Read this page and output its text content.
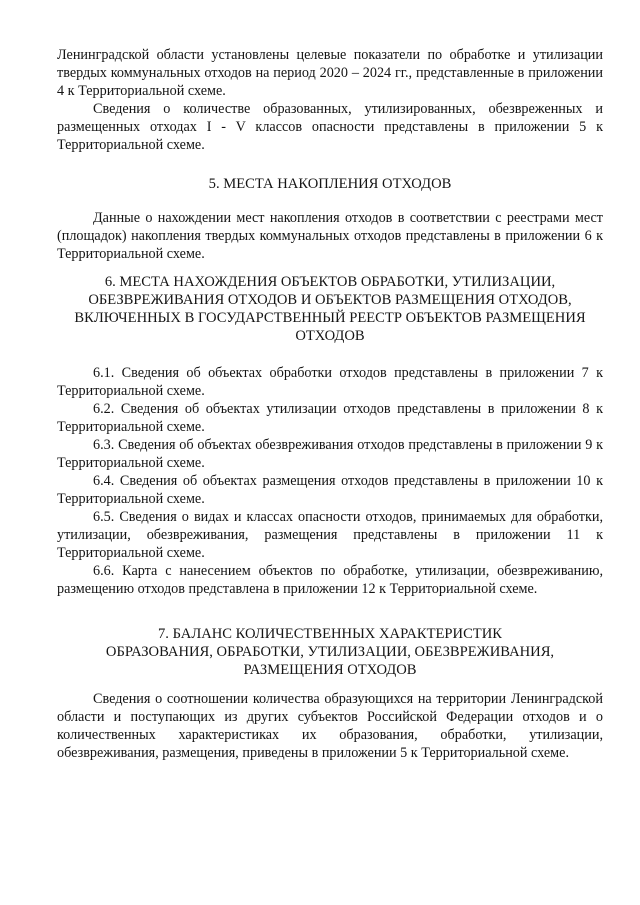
Ленинградской области установлены целевые показатели по обработке и утилизации твердых коммунальных отходов на период 2020 – 2024 гг., представленные в приложении 4 к Территориальной схеме.

Сведения о количестве образованных, утилизированных, обезвреженных и размещенных отходах I - V классов опасности представлены в приложении 5 к Территориальной схеме.

5. МЕСТА НАКОПЛЕНИЯ ОТХОДОВ

Данные о нахождении мест накопления отходов в соответствии с реестрами мест (площадок) накопления твердых коммунальных отходов представлены в приложении 6 к Территориальной схеме.

6. МЕСТА НАХОЖДЕНИЯ ОБЪЕКТОВ ОБРАБОТКИ, УТИЛИЗАЦИИ,
ОБЕЗВРЕЖИВАНИЯ ОТХОДОВ И ОБЪЕКТОВ РАЗМЕЩЕНИЯ ОТХОДОВ,
ВКЛЮЧЕННЫХ В ГОСУДАРСТВЕННЫЙ РЕЕСТР ОБЪЕКТОВ РАЗМЕЩЕНИЯ
ОТХОДОВ

6.1. Сведения об объектах обработки отходов представлены в приложении 7 к Территориальной схеме.

6.2. Сведения об объектах утилизации отходов представлены в приложении 8 к Территориальной схеме.

6.3. Сведения об объектах обезвреживания отходов представлены в приложении 9 к Территориальной схеме.

6.4. Сведения об объектах размещения отходов представлены в приложении 10 к Территориальной схеме.

6.5. Сведения о видах и классах опасности отходов, принимаемых для обработки, утилизации, обезвреживания, размещения представлены в приложении 11 к Территориальной схеме.

6.6. Карта с нанесением объектов по обработке, утилизации, обезвреживанию, размещению отходов представлена в приложении 12 к Территориальной схеме.

7. БАЛАНС КОЛИЧЕСТВЕННЫХ ХАРАКТЕРИСТИК
ОБРАЗОВАНИЯ, ОБРАБОТКИ, УТИЛИЗАЦИИ, ОБЕЗВРЕЖИВАНИЯ,
РАЗМЕЩЕНИЯ ОТХОДОВ

Сведения о соотношении количества образующихся на территории Ленинградской области и поступающих из других субъектов Российской Федерации отходов и о количественных характеристиках их образования, обработки, утилизации, обезвреживания, размещения, приведены в приложении 5 к Территориальной схеме.
